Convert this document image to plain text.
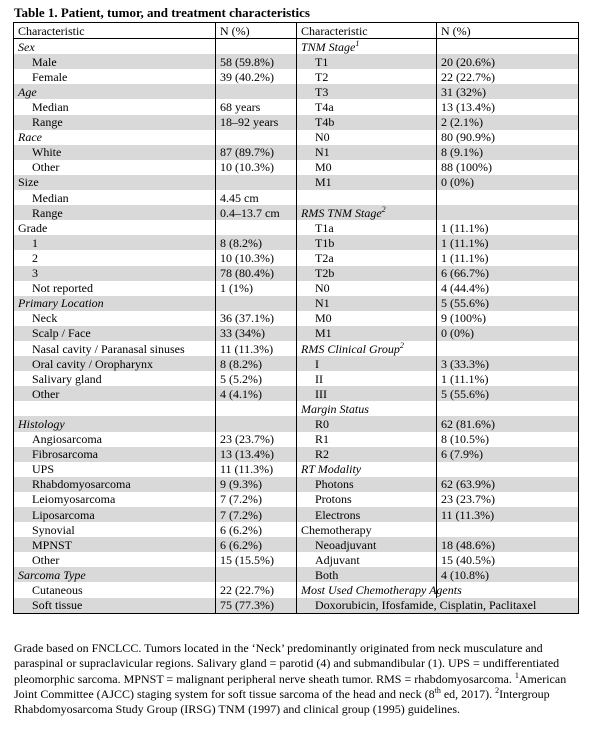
Table 1. Patient, tumor, and treatment characteristics
Characteristic	N (%)	Characteristic	N (%)
Sex		TNM Stage$^1$	
Male	58 (59.8%)	T1	20 (20.6%)
Female	39 (40.2%)	T2	22 (22.7%)
Age		T3	31 (32%)
Median	68 years	T4a	13 (13.4%)
Range	18–92 years	T4b	2 (2.1%)
Race		N0	80 (90.9%)
White	87 (89.7%)	N1	8 (9.1%)
Other	10 (10.3%)	M0	88 (100%)
Size		M1	0 (0%)
Median	4.45 cm		
Range	0.4–13.7 cm	RMS TNM Stage$^2$	
Grade		T1a	1 (11.1%)
1	8 (8.2%)	T1b	1 (11.1%)
2	10 (10.3%)	T2a	1 (11.1%)
3	78 (80.4%)	T2b	6 (66.7%)
Not reported	1 (1%)	N0	4 (44.4%)
Primary Location		N1	5 (55.6%)
Neck	36 (37.1%)	M0	9 (100%)
Scalp / Face	33 (34%)	M1	0 (0%)
Nasal cavity / Paranasal sinuses	11 (11.3%)	RMS Clinical Group$^2$	
Oral cavity / Oropharynx	8 (8.2%)	I	3 (33.3%)
Salivary gland	5 (5.2%)	II	1 (11.1%)
Other	4 (4.1%)	III	5 (55.6%)
		Margin Status	
Histology		R0	62 (81.6%)
Angiosarcoma	23 (23.7%)	R1	8 (10.5%)
Fibrosarcoma	13 (13.4%)	R2	6 (7.9%)
UPS	11 (11.3%)	RT Modality	
Rhabdomyosarcoma	9 (9.3%)	Photons	62 (63.9%)
Leiomyosarcoma	7 (7.2%)	Protons	23 (23.7%)
Liposarcoma	7 (7.2%)	Electrons	11 (11.3%)
Synovial	6 (6.2%)	Chemotherapy	
MPNST	6 (6.2%)	Neoadjuvant	18 (48.6%)
Other	15 (15.5%)	Adjuvant	15 (40.5%)
Sarcoma Type		Both	4 (10.8%)
Cutaneous	22 (22.7%)	Most Used Chemotherapy Agents	
Soft tissue	75 (77.3%)	Doxorubicin, Ifosfamide, Cisplatin, Paclitaxel	
Grade based on FNCLCC. Tumors located in the ‘Neck’ predominantly originated from neck musculature and paraspinal or supraclavicular regions. Salivary gland = parotid (4) and submandibular (1). UPS = undifferentiated pleomorphic sarcoma. MPNST = malignant peripheral nerve sheath tumor. RMS = rhabdomyosarcoma. $^1$American Joint Committee (AJCC) staging system for soft tissue sarcoma of the head and neck (8th ed, 2017). $^2$Intergroup Rhabdomyosarcoma Study Group (IRSG) TNM (1997) and clinical group (1995) guidelines.
